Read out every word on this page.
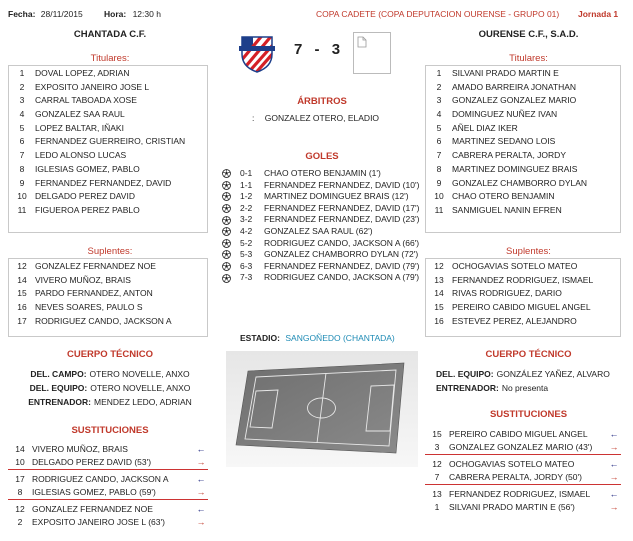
Fecha: 28/11/2015	Hora: 12:30 h	COPA CADETE (COPA DEPUTACION OURENSE - GRUPO 01) Jornada 1
CHANTADA C.F.	OURENSE C.F., S.A.D.
7 - 3
Titulares:
1	DOVAL LOPEZ, ADRIAN
2	EXPOSITO JANEIRO JOSE L
3	CARRAL TABOADA XOSE
4	GONZALEZ SAA RAUL
5	LOPEZ BALTAR, IÑAKI
6	FERNANDEZ GUERREIRO, CRISTIAN
7	LEDO ALONSO LUCAS
8	IGLESIAS GOMEZ, PABLO
9	FERNANDEZ FERNANDEZ, DAVID
10 DELGADO PEREZ DAVID
11	FIGUEROA PEREZ PABLO
Titulares:
1	SILVANI PRADO MARTIN E
2	AMADO BARREIRA JONATHAN
3	GONZALEZ GONZALEZ MARIO
4	DOMINGUEZ NUÑEZ IVAN
5	AÑEL DIAZ IKER
6	MARTINEZ SEDANO LOIS
7	CABRERA PERALTA, JORDY
8	MARTINEZ DOMINGUEZ BRAIS
9	GONZALEZ CHAMBORRO DYLAN
10 CHAO OTERO BENJAMIN
11	SANMIGUEL NANIN EFREN
Suplentes:
12 GONZALEZ FERNANDEZ NOE
14 VIVERO MUÑOZ, BRAIS
15 PARDO FERNANDEZ, ANTON
16 NEVES SOARES, PAULO S
17 RODRIGUEZ CANDO, JACKSON A
Suplentes:
12 OCHOGAVIAS SOTELO MATEO
13 FERNANDEZ RODRIGUEZ, ISMAEL
14 RIVAS RODRIGUEZ, DARIO
15 PEREIRO CABIDO MIGUEL ANGEL
16 ESTEVEZ PEREZ, ALEJANDRO
ÁRBITROS
: GONZALEZ OTERO, ELADIO
GOLES
0-1	CHAO OTERO BENJAMIN (1')
1-1	FERNANDEZ FERNANDEZ, DAVID (10')
1-2	MARTINEZ DOMINGUEZ BRAIS (12')
2-2	FERNANDEZ FERNANDEZ, DAVID (17')
3-2	FERNANDEZ FERNANDEZ, DAVID (23')
4-2	GONZALEZ SAA RAUL (62')
5-2	RODRIGUEZ CANDO, JACKSON A (66')
5-3	GONZALEZ CHAMBORRO DYLAN (72')
6-3	FERNANDEZ FERNANDEZ, DAVID (79')
7-3	RODRIGUEZ CANDO, JACKSON A (79')
ESTADIO: SANGOÑEDO (CHANTADA)
CUERPO TÉCNICO
DEL. CAMPO: OTERO NOVELLE, ANXO
DEL. EQUIPO: OTERO NOVELLE, ANXO
ENTRENADOR: MENDEZ LEDO, ADRIAN
CUERPO TÉCNICO
DEL. EQUIPO: GONZÁLEZ YAÑEZ, ALVARO
ENTRENADOR: No presenta
SUSTITUCIONES
14 VIVERO MUÑOZ, BRAIS	←
10 DELGADO PEREZ DAVID (53')	→
17 RODRIGUEZ CANDO, JACKSON A	←
8	IGLESIAS GOMEZ, PABLO (59')	→
12 GONZALEZ FERNANDEZ NOE	←
2	EXPOSITO JANEIRO JOSE L (63')	→
SUSTITUCIONES
15 PEREIRO CABIDO MIGUEL ANGEL	←
3	GONZALEZ GONZALEZ MARIO (43')	→
12 OCHOGAVIAS SOTELO MATEO	←
7	CABRERA PERALTA, JORDY (50')	→
13 FERNANDEZ RODRIGUEZ, ISMAEL	←
1	SILVANI PRADO MARTIN E (56')	→
